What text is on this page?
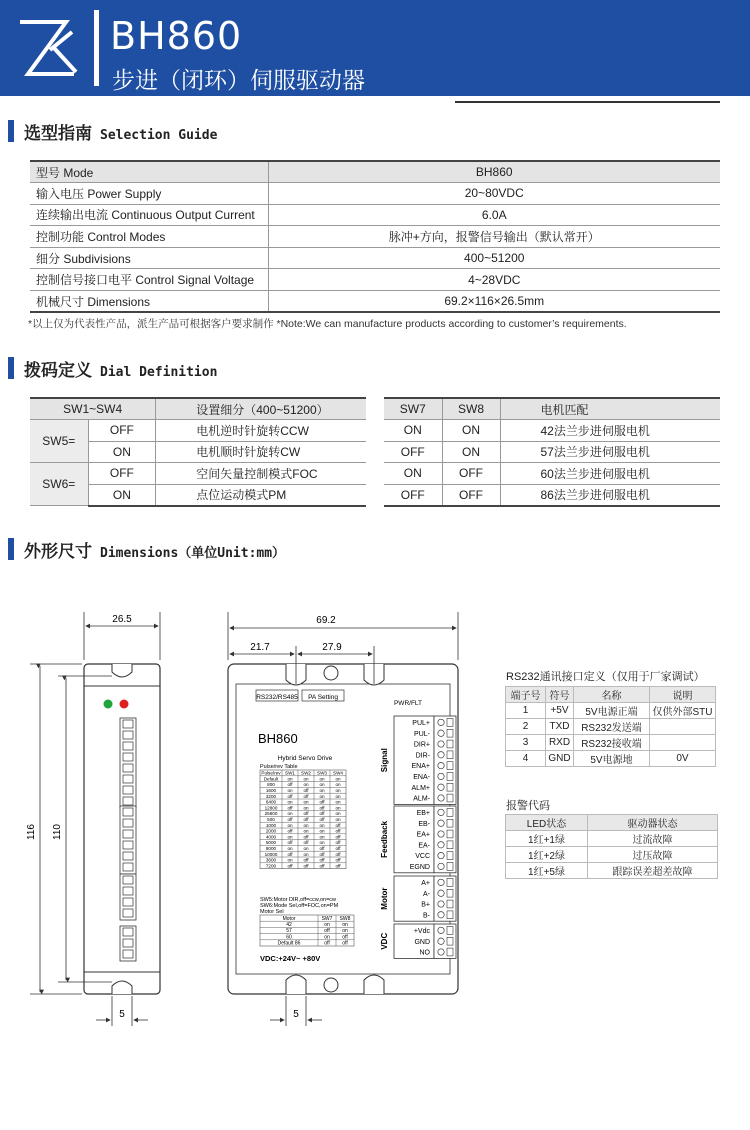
BH860
步进（闭环）伺服驱动器
选型指南 Selection Guide
型号 Mode	BH860
输入电压 Power Supply	20~80VDC
连续输出电流 Continuous Output Current	6.0A
控制功能 Control Modes	脉冲+方向，报警信号输出（默认常开）
细分 Subdivisions	400~51200
控制信号接口电平 Control Signal Voltage	4~28VDC
机械尺寸 Dimensions	69.2×116×26.5mm
*以上仅为代表性产品，派生产品可根据客户要求制作 *Note:We can manufacture products according to customer’s requirements.
拨码定义 Dial Definition
SW1~SW4		设置细分（400~51200）
SW5=	OFF	电机逆时针旋转CCW
	ON	电机顺时针旋转CW
SW6=	OFF	空间矢量控制模式FOC
	ON	点位运动模式PM
SW7	SW8	电机匹配
ON	ON	42法兰步进伺服电机
OFF	ON	57法兰步进伺服电机
ON	OFF	60法兰步进伺服电机
OFF	OFF	86法兰步进伺服电机
外形尺寸 Dimensions（单位Unit:mm）
26.5
116 110
5
RS232/RS485 PA Setting
PWR/FLT
BH860
Hybrid Servo Drive
Pulse/rev Table
Pulse/rev SW1 SW2 SW3 SW4
Default on on on on
800	off on on on
1600 on off on on
3200 off off on on
6400 on on off on
12800 off on off on
25600 on off off on
500	off off off on
1000 on on on off
2000 off on on off
4000 on off on off
5000 off off on off
8000 on on off off
10000 off on off off
3600 on off off off
7200 off off off off
SW5:Motor DIR,off=ccw,on=cw
SW6:Mode Sel,off=FOC,on=PM
Motor Sel
Motor	SW7 SW8
42	on on
57	off on
60	on off
Default 86	off	off
VDC:+24V~ +80V
Signal
PUL+
PUL-
DIR+
DIR-
ENA+
ENA-
ALM+
ALM-
Feedback
EB+
EB-
EA+
EA-
VCC
EGND
Motor
A+
A-
B+
B-
VDC
+Vdc
GND
NO
69.2
21.7	27.9
5
RS232通讯接口定义（仅用于厂家调试）
端子号	符号	名称	说明
1	+5V	5V电源正端	仅供外部STU
2	TXD	RS232发送端	
3	RXD	RS232接收端	
4	GND	5V电源地	0V
报警代码
LED状态	驱动器状态
1红+1绿	过流故障
1红+2绿	过压故障
1红+5绿	跟踪误差超差故障
